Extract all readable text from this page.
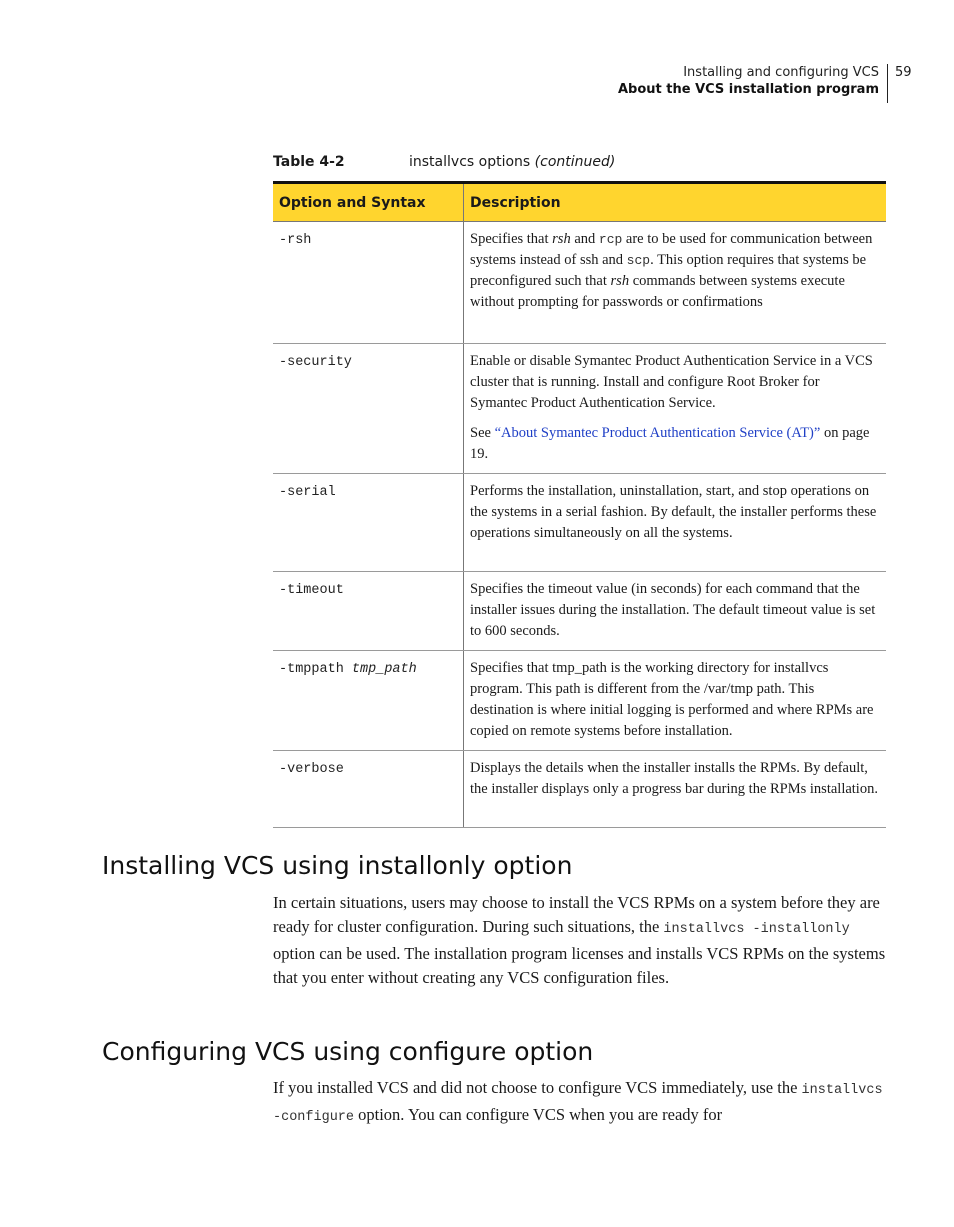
Installing and configuring VCS
About the VCS installation program
59
Table 4-2	installvcs options (continued)
Option and Syntax	Description
-rsh	Specifies that rsh and rcp are to be used for communication between systems instead of ssh and scp. This option requires that systems be preconfigured such that rsh commands between systems execute without prompting for passwords or confirmations

-security	Enable or disable Symantec Product Authentication Service in a VCS cluster that is running. Install and configure Root Broker for Symantec Product Authentication Service.

See “About Symantec Product Authentication Service (AT)” on page 19.

-serial	Performs the installation, uninstallation, start, and stop operations on the systems in a serial fashion. By default, the installer performs these operations simultaneously on all the systems.

-timeout	Specifies the timeout value (in seconds) for each command that the installer issues during the installation. The default timeout value is set to 600 seconds.

-tmppath tmp_path	Specifies that tmp_path is the working directory for installvcs program. This path is different from the /var/tmp path. This destination is where initial logging is performed and where RPMs are copied on remote systems before installation.

-verbose	Displays the details when the installer installs the RPMs. By default, the installer displays only a progress bar during the RPMs installation.

Installing VCS using installonly option

In certain situations, users may choose to install the VCS RPMs on a system before they are ready for cluster configuration. During such situations, the installvcs -installonly option can be used. The installation program licenses and installs VCS RPMs on the systems that you enter without creating any VCS configuration files.

Configuring VCS using configure option

If you installed VCS and did not choose to configure VCS immediately, use the installvcs -configure option. You can configure VCS when you are ready for
